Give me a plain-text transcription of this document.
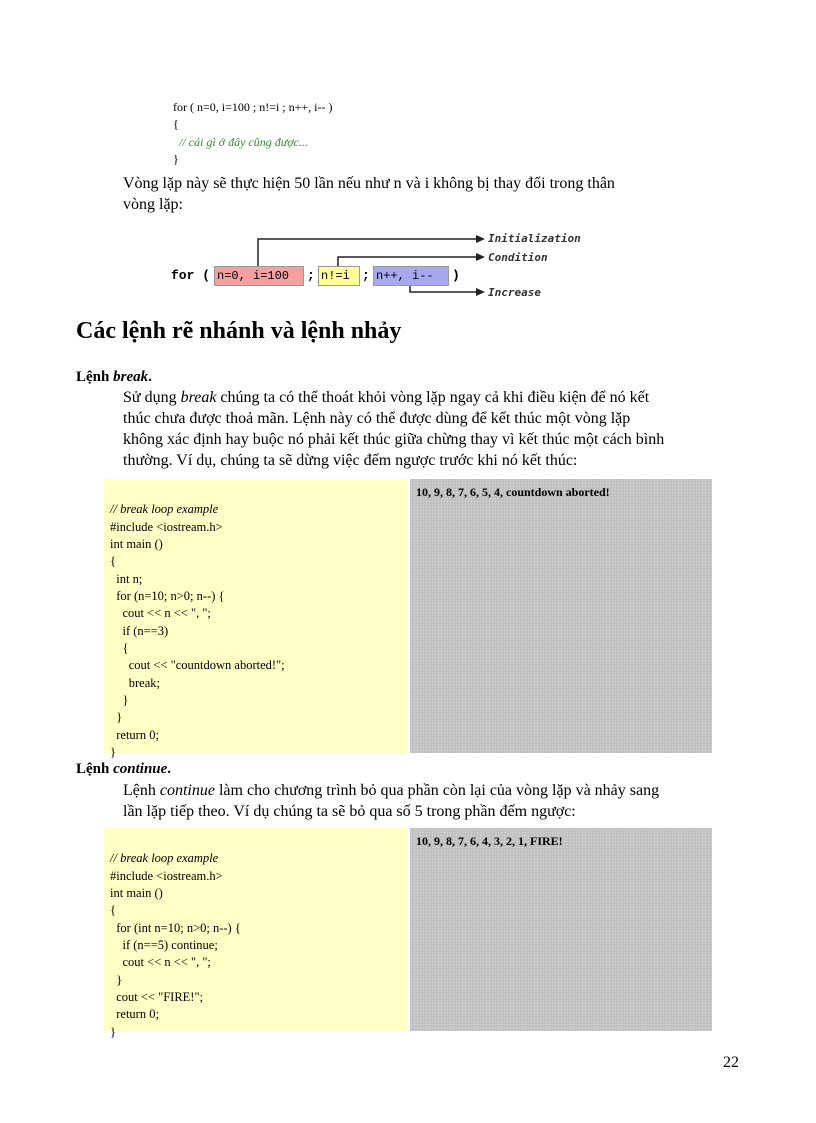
for ( n=0, i=100 ; n!=i ; n++, i-- )
{
// cái gì ở đây cũng được...
}

Vòng lặp này sẽ thực hiện 50 lần nếu như n và i không bị thay đổi trong thân
vòng lặp:
for ( n=0, i=100	; n!=i ; n++, i--	)
Initialization
Condition
Increase
Các lệnh rẽ nhánh và lệnh nhảy
Lệnh break.
Sử dụng break chúng ta có thể thoát khỏi vòng lặp ngay cả khi điều kiện để nó kết
thúc chưa được thoả mãn. Lệnh này có thể được dùng để kết thúc một vòng lặp
không xác định hay buộc nó phải kết thúc giữa chừng thay vì kết thúc một cách bình
thường. Ví dụ, chúng ta sẽ dừng việc đếm ngược trước khi nó kết thúc:

// break loop example
#include <iostream.h>
int main ()
{
int n;
for (n=10; n>0; n--) {
cout << n << ", ";
if (n==3)
{
cout << "countdown aborted!";
break;
}
}
return 0;
}

10, 9, 8, 7, 6, 5, 4, countdown aborted!
Lệnh continue.
Lệnh continue làm cho chương trình bỏ qua phần còn lại của vòng lặp và nhảy sang
lần lặp tiếp theo. Ví dụ chúng ta sẽ bỏ qua số 5 trong phần đếm ngược:

// break loop example
#include <iostream.h>
int main ()
{
for (int n=10; n>0; n--) {
if (n==5) continue;
cout << n << ", ";
}
cout << "FIRE!";
return 0;
}

10, 9, 8, 7, 6, 4, 3, 2, 1, FIRE!
22
